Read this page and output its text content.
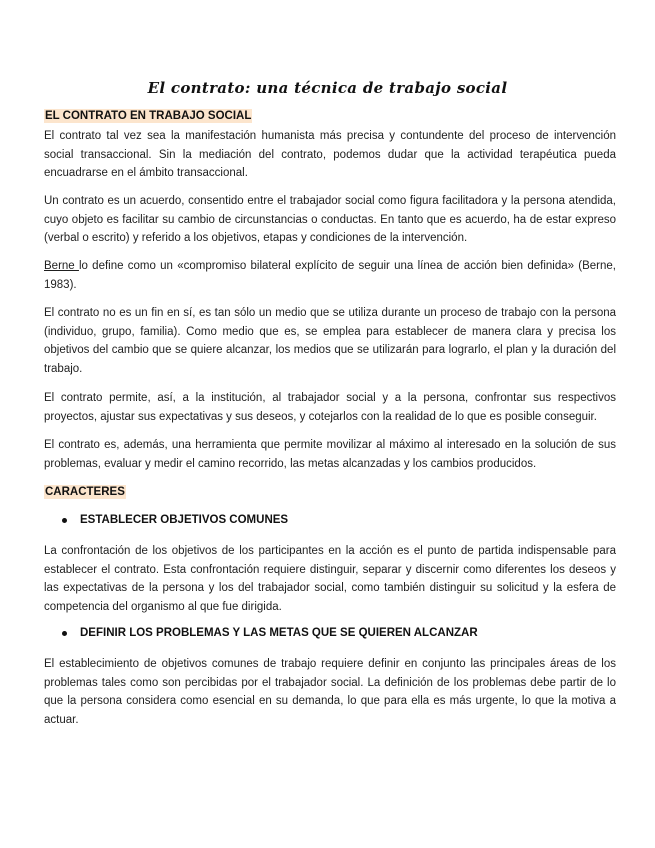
El contrato: una técnica de trabajo social
EL CONTRATO EN TRABAJO SOCIAL

El contrato tal vez sea la manifestación humanista más precisa y contundente del proceso de intervención social transaccional. Sin la mediación del contrato, podemos dudar que la actividad terapéutica pueda encuadrarse en el ámbito transaccional.

Un contrato es un acuerdo, consentido entre el trabajador social como figura facilitadora y la persona atendida, cuyo objeto es facilitar su cambio de circunstancias o conductas. En tanto que es acuerdo, ha de estar expreso (verbal o escrito) y referido a los objetivos, etapas y condiciones de la intervención.

Berne lo define como un «compromiso bilateral explícito de seguir una línea de acción bien definida» (Berne, 1983).

El contrato no es un fin en sí, es tan sólo un medio que se utiliza durante un proceso de trabajo con la persona (individuo, grupo, familia). Como medio que es, se emplea para establecer de manera clara y precisa los objetivos del cambio que se quiere alcanzar, los medios que se utilizarán para lograrlo, el plan y la duración del trabajo.

El contrato permite, así, a la institución, al trabajador social y a la persona, confrontar sus respectivos proyectos, ajustar sus expectativas y sus deseos, y cotejarlos con la realidad de lo que es posible conseguir.

El contrato es, además, una herramienta que permite movilizar al máximo al interesado en la solución de sus problemas, evaluar y medir el camino recorrido, las metas alcanzadas y los cambios producidos.

CARACTERES
ESTABLECER OBJETIVOS COMUNES

La confrontación de los objetivos de los participantes en la acción es el punto de partida indispensable para establecer el contrato. Esta confrontación requiere distinguir, separar y discernir como diferentes los deseos y las expectativas de la persona y los del trabajador social, como también distinguir su solicitud y la esfera de competencia del organismo al que fue dirigida.

DEFINIR LOS PROBLEMAS Y LAS METAS QUE SE QUIEREN ALCANZAR

El establecimiento de objetivos comunes de trabajo requiere definir en conjunto las principales áreas de los problemas tales como son percibidas por el trabajador social. La definición de los problemas debe partir de lo que la persona considera como esencial en su demanda, lo que para ella es más urgente, lo que la motiva a actuar.
